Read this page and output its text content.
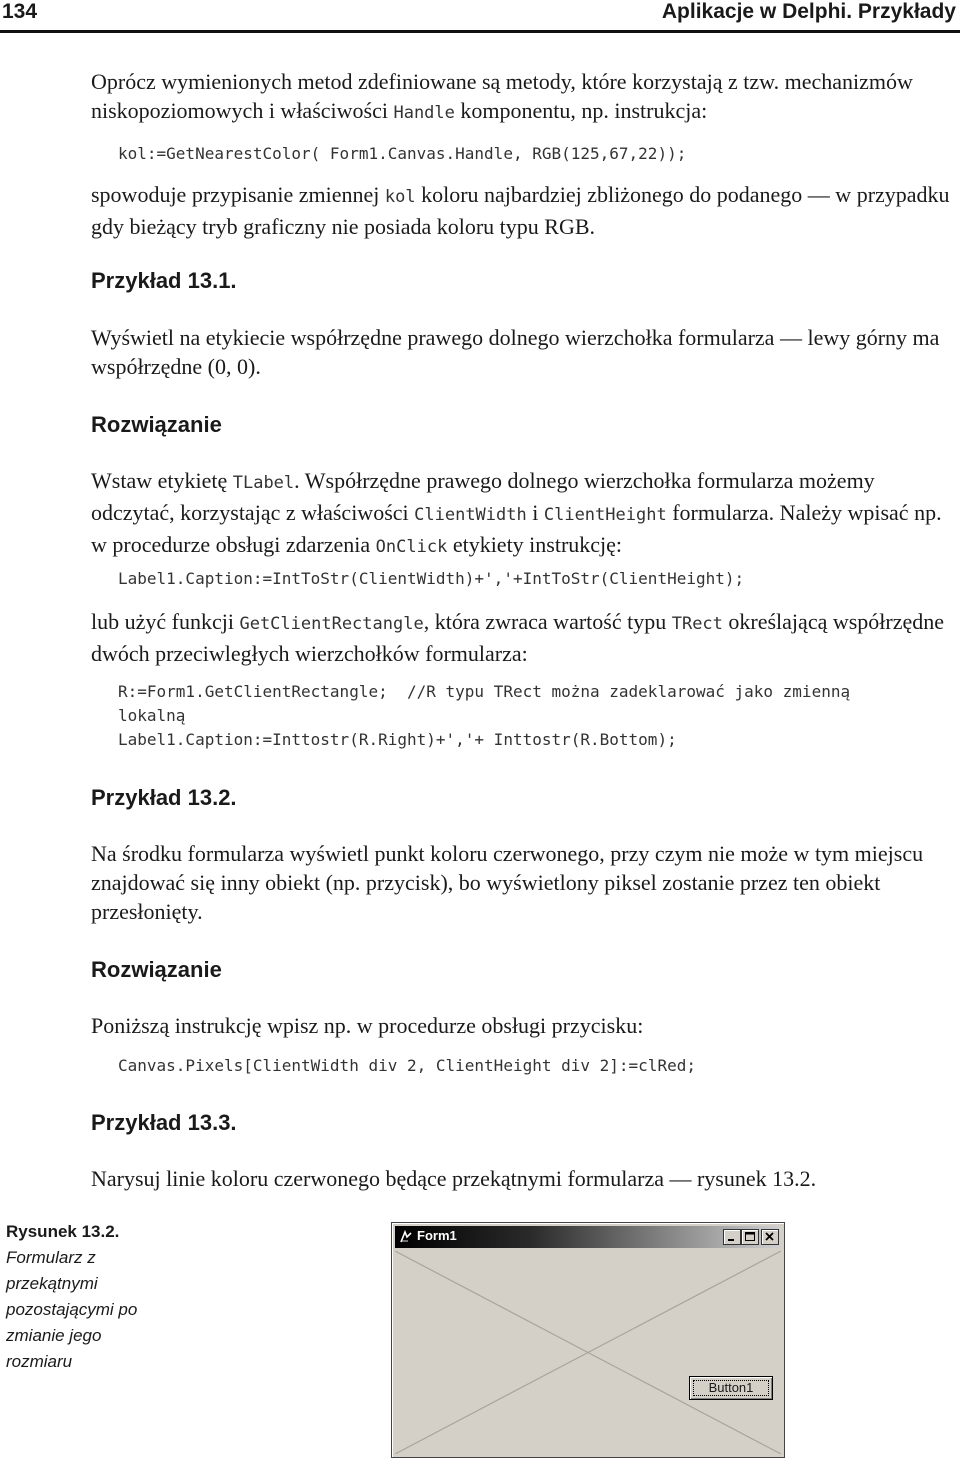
134	Aplikacje w Delphi. Przykłady

Oprócz wymienionych metod zdefiniowane są metody, które korzystają z tzw. mechanizmów niskopoziomowych i właściwości Handle komponentu, np. instrukcja:

kol:=GetNearestColor( Form1.Canvas.Handle, RGB(125,67,22));

spowoduje przypisanie zmiennej kol koloru najbardziej zbliżonego do podanego — w przypadku gdy bieżący tryb graficzny nie posiada koloru typu RGB.

Przykład 13.1.

Wyświetl na etykiecie współrzędne prawego dolnego wierzchołka formularza — lewy górny ma współrzędne (0, 0).

Rozwiązanie

Wstaw etykietę TLabel. Współrzędne prawego dolnego wierzchołka formularza możemy odczytać, korzystając z właściwości ClientWidth i ClientHeight formularza. Należy wpisać np. w procedurze obsługi zdarzenia OnClick etykiety instrukcję:

Label1.Caption:=IntToStr(ClientWidth)+','+IntToStr(ClientHeight);

lub użyć funkcji GetClientRectangle, która zwraca wartość typu TRect określającą współrzędne dwóch przeciwległych wierzchołków formularza:

R:=Form1.GetClientRectangle;  //R typu TRect można zadeklarować jako zmienną
lokalną
Label1.Caption:=Inttostr(R.Right)+','+ Inttostr(R.Bottom);
Przykład 13.2.

Na środku formularza wyświetl punkt koloru czerwonego, przy czym nie może w tym miejscu znajdować się inny obiekt (np. przycisk), bo wyświetlony piksel zostanie przez ten obiekt przesłonięty.

Rozwiązanie

Poniższą instrukcję wpisz np. w procedurze obsługi przycisku:

Canvas.Pixels[ClientWidth div 2, ClientHeight div 2]:=clRed;
Przykład 13.3.

Narysuj linie koloru czerwonego będące przekątnymi formularza — rysunek 13.2.

Rysunek 13.2.
Formularz z przekątnymi pozostającymi po zmianie jego rozmiaru
Form1
Button1
